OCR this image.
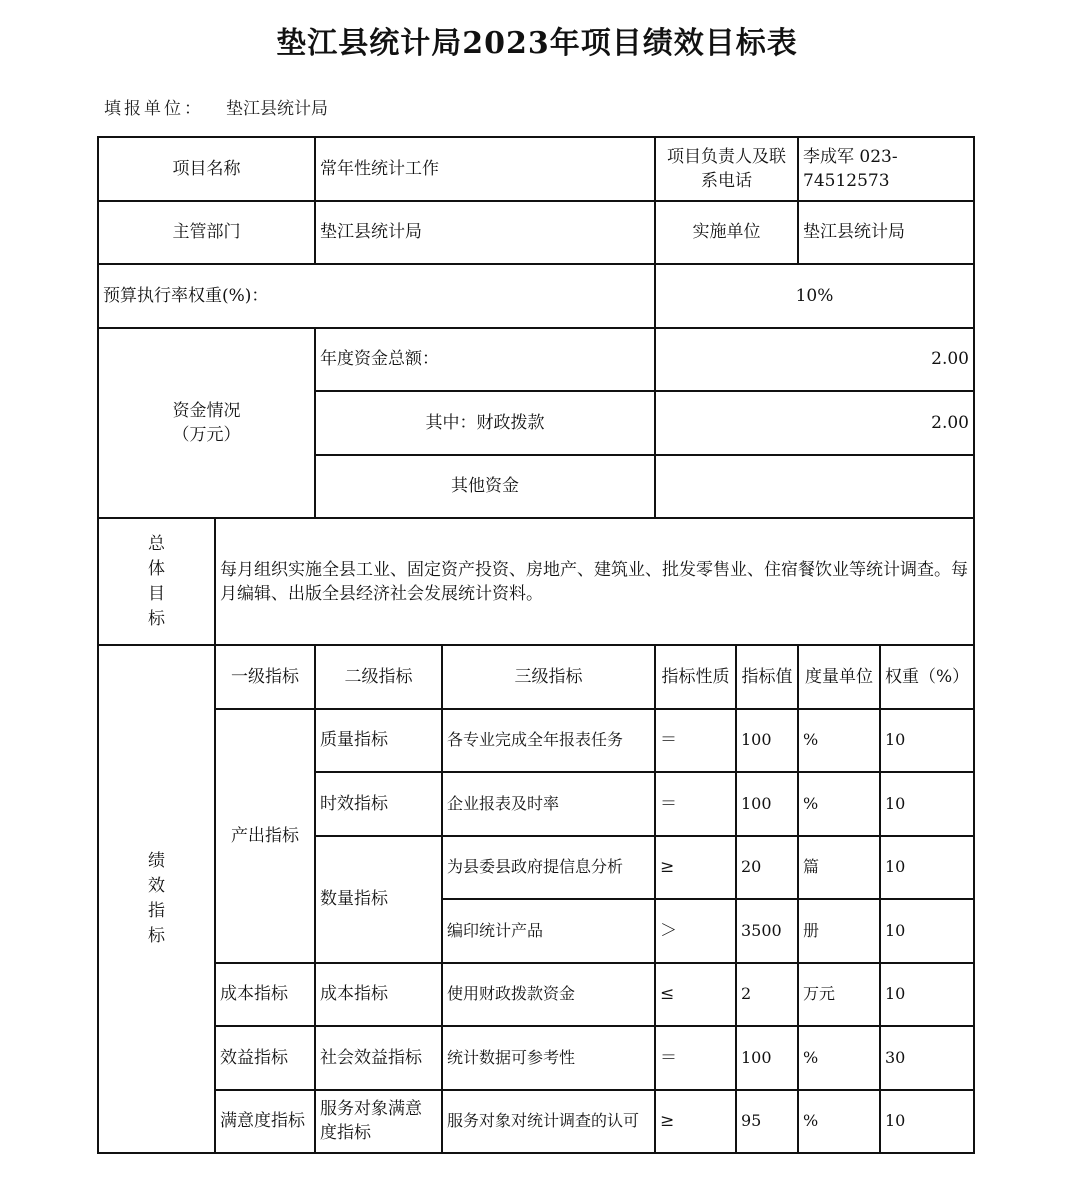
垫江县统计局2023年项目绩效目标表
填报单位： 垫江县统计局
项目名称		常年性统计工作		项目负责人及联系电话		李成军 023-74512573	
主管部门		垫江县统计局		实施单位		垫江县统计局	
预算执行率权重(%)：				10%			

资金情况
（万元）		年度资金总额：		2.00			
		其中：财政拨款		2.00			
		其他资金					

总
体
目
标	每月组织实施全县工业、固定资产投资、房地产、建筑业、批发零售业、住宿餐饮业等统计调查。每月编辑、出版全县经济社会发展统计资料。						

绩
效
指
标	一级指标	二级指标	三级指标	指标性质	指标值	度量单位	权重（%）
	产出指标	质量指标	各专业完成全年报表任务	＝	100	%	10
		时效指标	企业报表及时率	＝	100	%	10
		数量指标	为县委县政府提信息分析	≥	20	篇	10
			编印统计产品	＞	3500	册	10
	成本指标	成本指标	使用财政拨款资金	≤	2	万元	10
	效益指标	社会效益指标	统计数据可参考性	＝	100	%	30
	满意度指标	服务对象满意度指标	服务对象对统计调查的认可	≥	95	%	10
